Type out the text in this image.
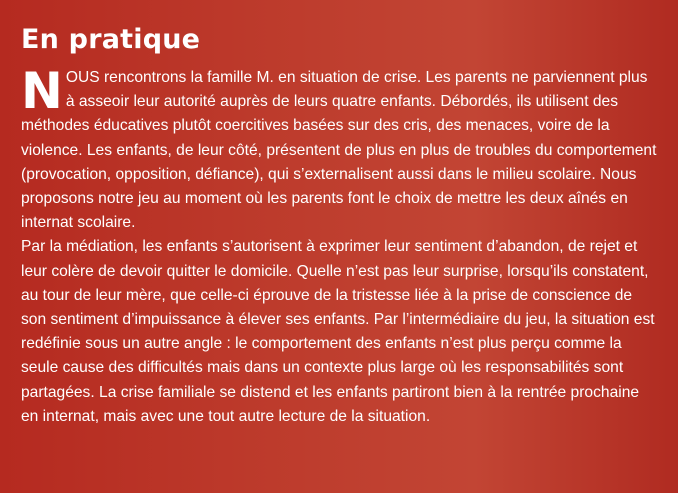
En pratique

NOUS rencontrons la famille M. en situation de crise. Les parents ne parviennent plus à asseoir leur autorité auprès de leurs quatre enfants. Débordés, ils utilisent des méthodes éducatives plutôt coercitives basées sur des cris, des menaces, voire de la violence. Les enfants, de leur côté, présentent de plus en plus de troubles du comportement (provocation, opposition, défiance), qui s’externalisent aussi dans le milieu scolaire. Nous proposons notre jeu au moment où les parents font le choix de mettre les deux aînés en internat scolaire.

Par la médiation, les enfants s’autorisent à exprimer leur sentiment d’abandon, de rejet et leur colère de devoir quitter le domicile. Quelle n’est pas leur surprise, lorsqu’ils constatent, au tour de leur mère, que celle-ci éprouve de la tristesse liée à la prise de conscience de son sentiment d’impuissance à élever ses enfants. Par l’intermédiaire du jeu, la situation est redéfinie sous un autre angle : le comportement des enfants n’est plus perçu comme la seule cause des difficultés mais dans un contexte plus large où les responsabilités sont partagées. La crise familiale se distend et les enfants partiront bien à la rentrée prochaine en internat, mais avec une tout autre lecture de la situation.
